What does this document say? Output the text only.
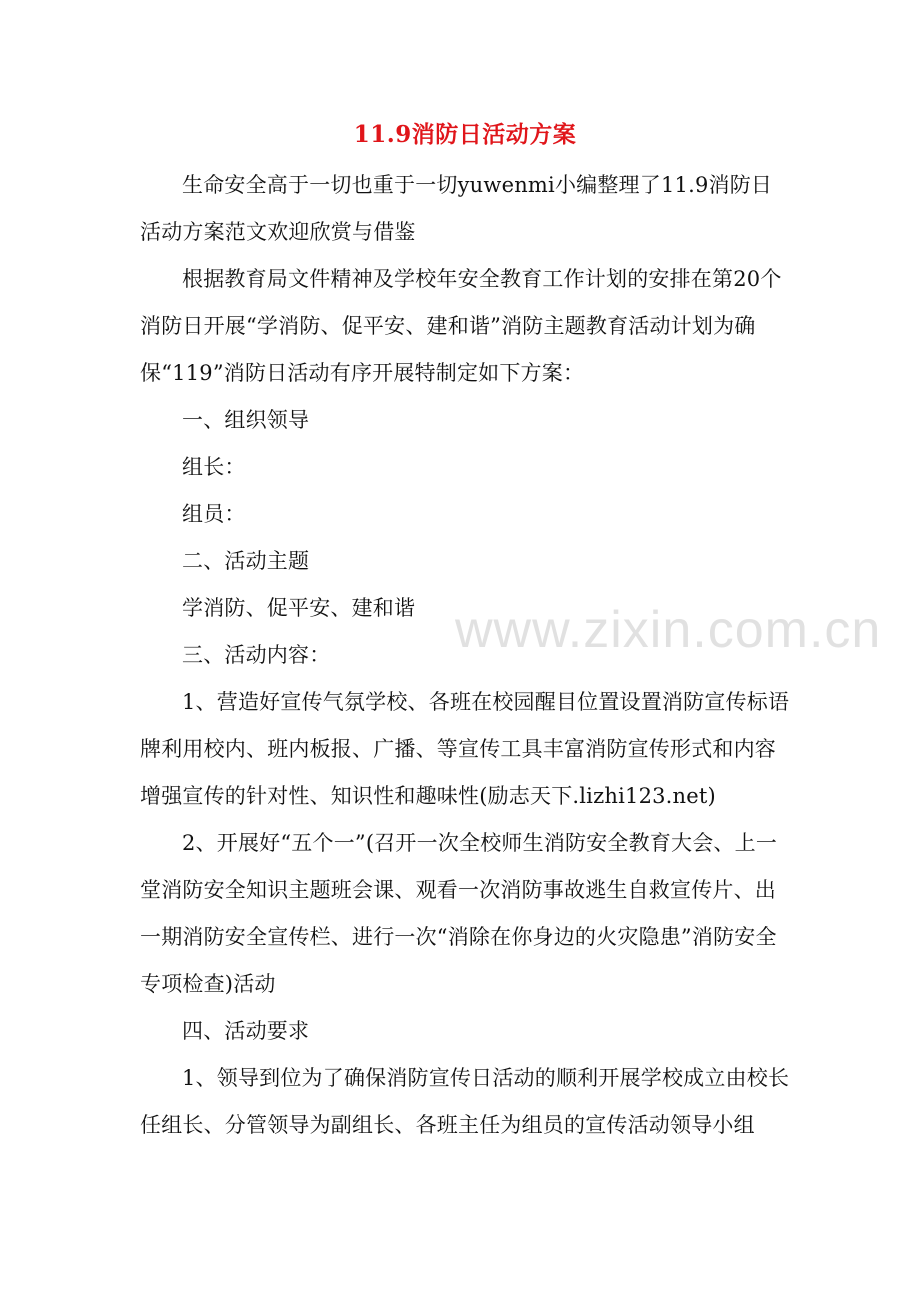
11.9消防日活动方案

生命安全高于一切也重于一切yuwenmi小编整理了11.9消防日活动方案范文欢迎欣赏与借鉴

根据教育局文件精神及学校年安全教育工作计划的安排在第20个消防日开展“学消防、促平安、建和谐”消防主题教育活动计划为确保“119”消防日活动有序开展特制定如下方案：

一、组织领导

组长：

组员：

二、活动主题

学消防、促平安、建和谐

三、活动内容：

1、营造好宣传气氛学校、各班在校园醒目位置设置消防宣传标语牌利用校内、班内板报、广播、等宣传工具丰富消防宣传形式和内容增强宣传的针对性、知识性和趣味性(励志天下.lizhi123.net)

2、开展好“五个一”(召开一次全校师生消防安全教育大会、上一堂消防安全知识主题班会课、观看一次消防事故逃生自救宣传片、出一期消防安全宣传栏、进行一次“消除在你身边的火灾隐患”消防安全专项检查)活动

四、活动要求

1、领导到位为了确保消防宣传日活动的顺利开展学校成立由校长任组长、分管领导为副组长、各班主任为组员的宣传活动领导小组

www.zixin.com.cn
